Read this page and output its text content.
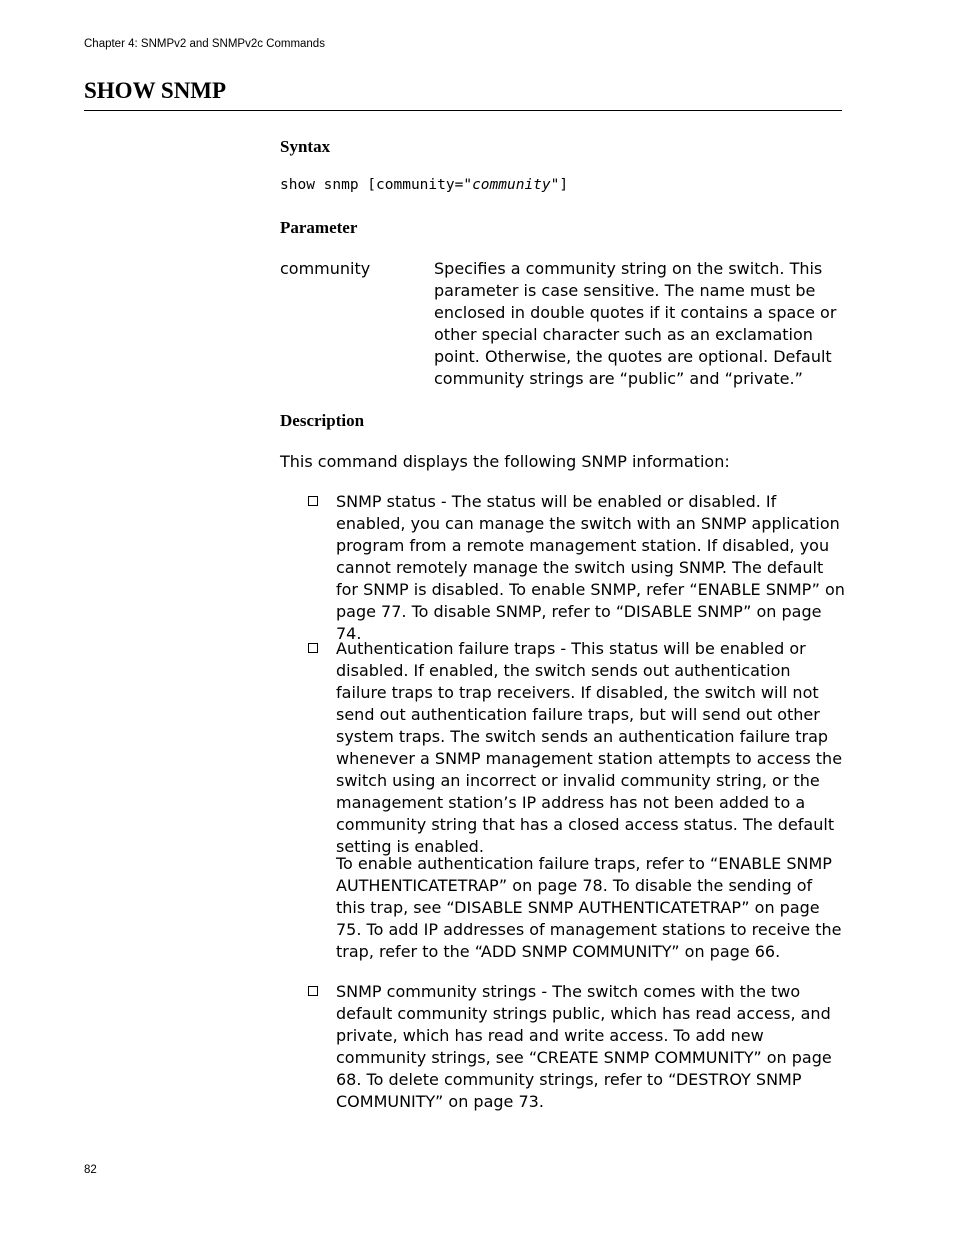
Chapter 4: SNMPv2 and SNMPv2c Commands
SHOW SNMP
Syntax
show snmp [community="community"]
Parameter
community	Specifies a community string on the switch. This parameter is case sensitive. The name must be enclosed in double quotes if it contains a space or other special character such as an exclamation point. Otherwise, the quotes are optional. Default community strings are “public” and “private.”
Description
This command displays the following SNMP information:
SNMP status - The status will be enabled or disabled. If enabled, you can manage the switch with an SNMP application program from a remote management station. If disabled, you cannot remotely manage the switch using SNMP. The default for SNMP is disabled. To enable SNMP, refer “ENABLE SNMP” on page 77. To disable SNMP, refer to “DISABLE SNMP” on page 74.
Authentication failure traps - This status will be enabled or disabled. If enabled, the switch sends out authentication failure traps to trap receivers. If disabled, the switch will not send out authentication failure traps, but will send out other system traps. The switch sends an authentication failure trap whenever a SNMP management station attempts to access the switch using an incorrect or invalid community string, or the management station’s IP address has not been added to a community string that has a closed access status. The default setting is enabled.
To enable authentication failure traps, refer to “ENABLE SNMP AUTHENTICATETRAP” on page 78. To disable the sending of this trap, see “DISABLE SNMP AUTHENTICATETRAP” on page 75. To add IP addresses of management stations to receive the trap, refer to the “ADD SNMP COMMUNITY” on page 66.
SNMP community strings - The switch comes with the two default community strings public, which has read access, and private, which has read and write access. To add new community strings, see “CREATE SNMP COMMUNITY” on page 68. To delete community strings, refer to “DESTROY SNMP COMMUNITY” on page 73.
82
